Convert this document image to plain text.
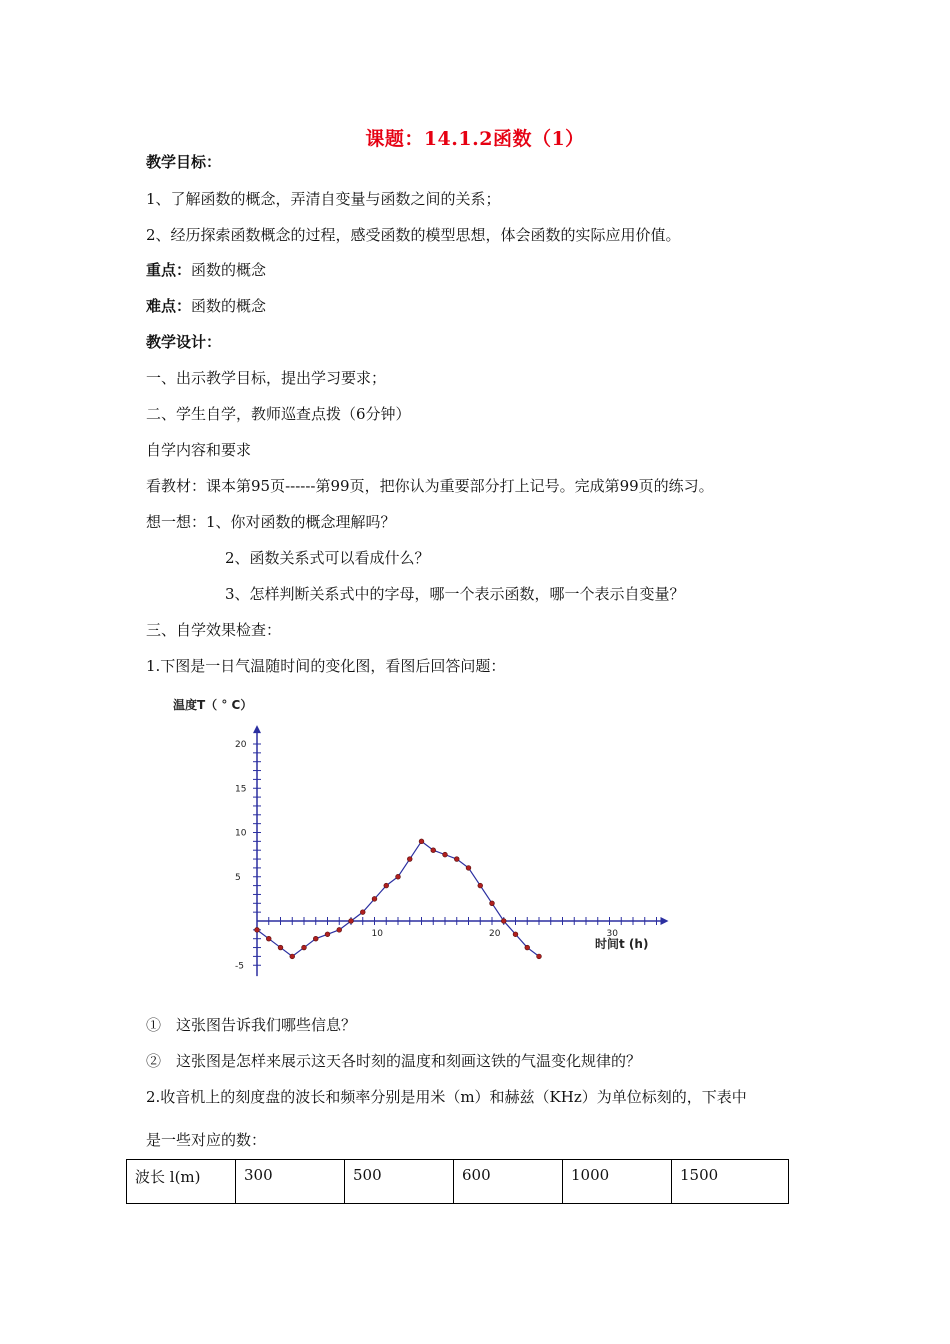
课题：14.1.2函数（1）
教学目标：
1、了解函数的概念，弄清自变量与函数之间的关系；
2、经历探索函数概念的过程，感受函数的模型思想，体会函数的实际应用价值。
重点：函数的概念
难点：函数的概念
教学设计：
一、出示教学目标，提出学习要求；
二、学生自学，教师巡查点拨（6分钟）
自学内容和要求
看教材：课本第95页------第99页，把你认为重要部分打上记号。完成第99页的练习。
想一想：1、你对函数的概念理解吗？
2、函数关系式可以看成什么？
3、怎样判断关系式中的字母，哪一个表示函数，哪一个表示自变量？
三、自学效果检查：
1.下图是一日气温随时间的变化图，看图后回答问题：
温度T（ ° C）
时间t (h)
10	20	30
-5
5
10
15
20
①　这张图告诉我们哪些信息？
②　这张图是怎样来展示这天各时刻的温度和刻画这铁的气温变化规律的？
2.收音机上的刻度盘的波长和频率分别是用米（m）和赫兹（KHz）为单位标刻的，下表中
是一些对应的数：
波长 l(m)	300	500	600	1000	1500
